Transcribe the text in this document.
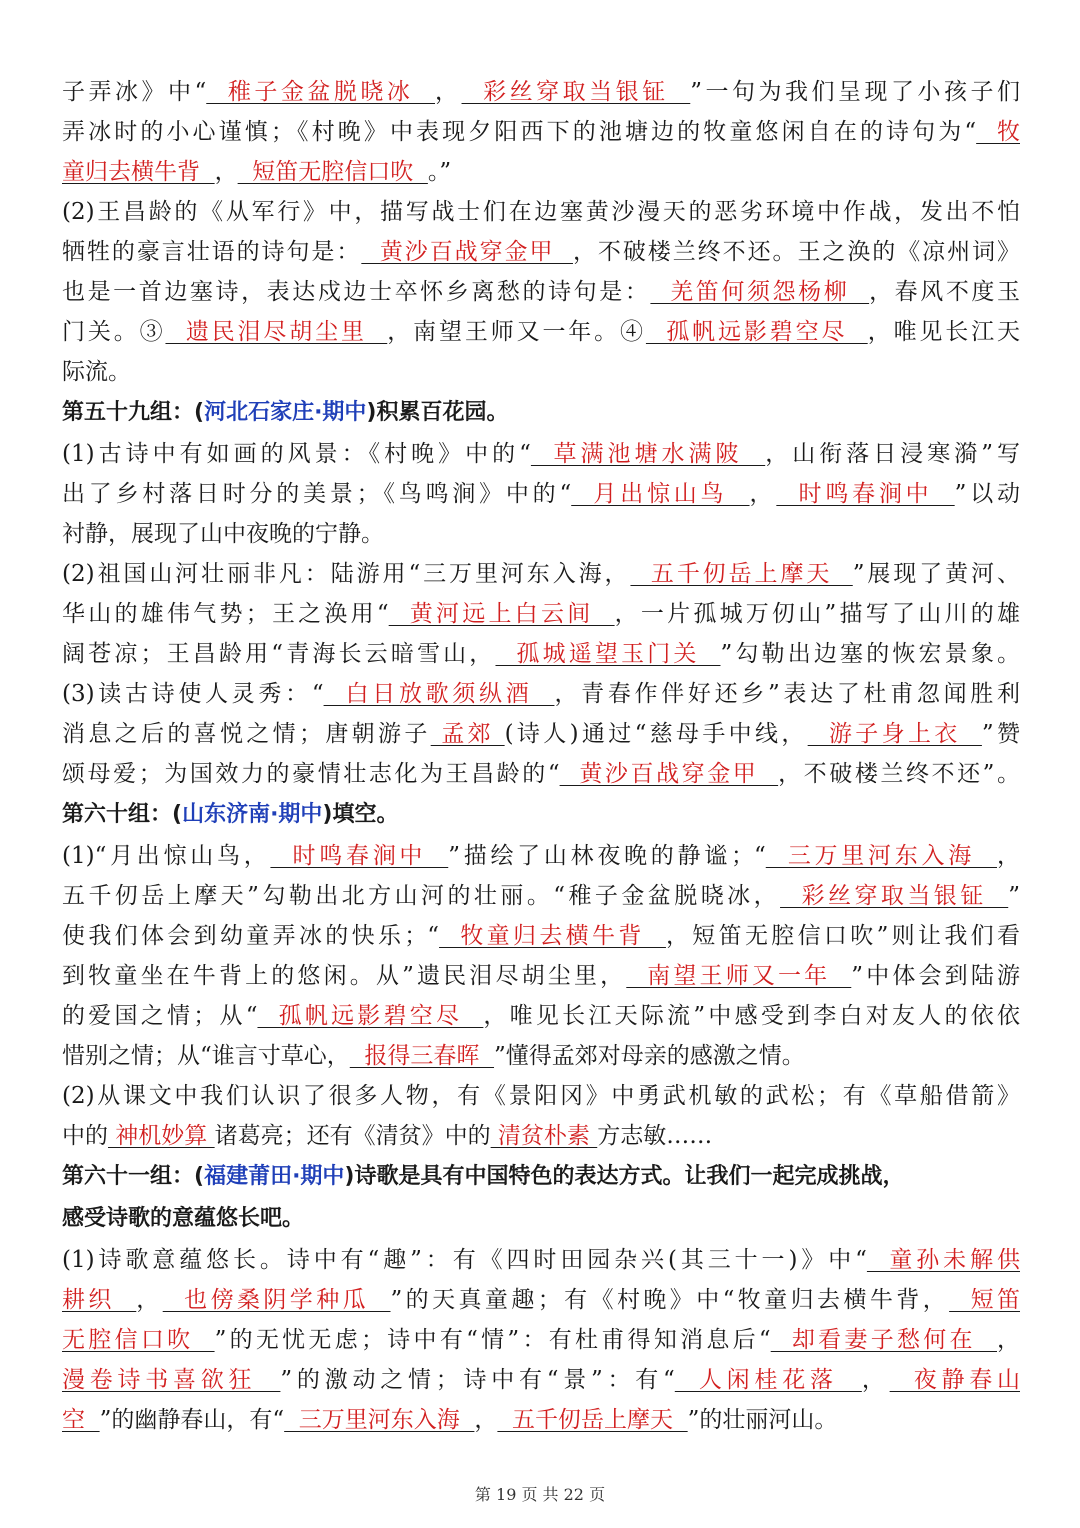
子弄冰》中“  稚子金盆脱晓冰  ，  彩丝穿取当银钲  ”一句为我们呈现了小孩子们
弄冰时的小心谨慎；《村晚》中表现夕阳西下的池塘边的牧童悠闲自在的诗句为“  牧
童归去横牛背  ，  短笛无腔信口吹  。”
(2)王昌龄的《从军行》中，描写战士们在边塞黄沙漫天的恶劣环境中作战，发出不怕
牺牲的豪言壮语的诗句是：  黄沙百战穿金甲  ，不破楼兰终不还。王之涣的《凉州词》
也是一首边塞诗，表达戍边士卒怀乡离愁的诗句是：  羌笛何须怨杨柳  ，春风不度玉
门关。③  遗民泪尽胡尘里  ，南望王师又一年。④  孤帆远影碧空尽  ，唯见长江天
际流。
第五十九组：(河北石家庄·期中)积累百花园。
(1)古诗中有如画的风景：《村晚》中的“  草满池塘水满陂  ，山衔落日浸寒漪”写
出了乡村落日时分的美景；《鸟鸣涧》中的“  月出惊山鸟  ，  时鸣春涧中  ”以动
衬静，展现了山中夜晚的宁静。
(2)祖国山河壮丽非凡：陆游用“三万里河东入海，  五千仞岳上摩天  ”展现了黄河、
华山的雄伟气势；王之涣用“  黄河远上白云间  ，一片孤城万仞山”描写了山川的雄
阔苍凉；王昌龄用“青海长云暗雪山，  孤城遥望玉门关  ”勾勒出边塞的恢宏景象。
(3)读古诗使人灵秀：“  白日放歌须纵酒  ，青春作伴好还乡”表达了杜甫忽闻胜利
消息之后的喜悦之情；唐朝游子 孟郊 (诗人)通过“慈母手中线，  游子身上衣  ”赞
颂母爱；为国效力的豪情壮志化为王昌龄的“  黄沙百战穿金甲  ，不破楼兰终不还”。
第六十组：(山东济南·期中)填空。
(1)“月出惊山鸟，  时鸣春涧中  ”描绘了山林夜晚的静谧；“  三万里河东入海  ，
五千仞岳上摩天”勾勒出北方山河的壮丽。“稚子金盆脱晓冰，  彩丝穿取当银钲  ”
使我们体会到幼童弄冰的快乐；“  牧童归去横牛背  ，短笛无腔信口吹”则让我们看
到牧童坐在牛背上的悠闲。从”遗民泪尽胡尘里，  南望王师又一年  ”中体会到陆游
的爱国之情；从“  孤帆远影碧空尽  ，唯见长江天际流”中感受到李白对友人的依依
惜别之情；从“谁言寸草心，  报得三春晖  ”懂得孟郊对母亲的感激之情。
(2)从课文中我们认识了很多人物，有《景阳冈》中勇武机敏的武松；有《草船借箭》
中的 神机妙算 诸葛亮；还有《清贫》中的 清贫朴素 方志敏……
第六十一组：(福建莆田·期中)诗歌是具有中国特色的表达方式。让我们一起完成挑战，
感受诗歌的意蕴悠长吧。
(1)诗歌意蕴悠长。诗中有“趣”：有《四时田园杂兴(其三十一)》中“  童孙未解供
耕织  ，  也傍桑阴学种瓜  ”的天真童趣；有《村晚》中“牧童归去横牛背，  短笛
无腔信口吹  ”的无忧无虑；诗中有“情”：有杜甫得知消息后“  却看妻子愁何在  ，
漫卷诗书喜欲狂  ”的激动之情；诗中有“景”：有“  人闲桂花落  ，  夜静春山
空  ”的幽静春山，有“  三万里河东入海  ，  五千仞岳上摩天  ”的壮丽河山。
第 19 页 共 22 页
